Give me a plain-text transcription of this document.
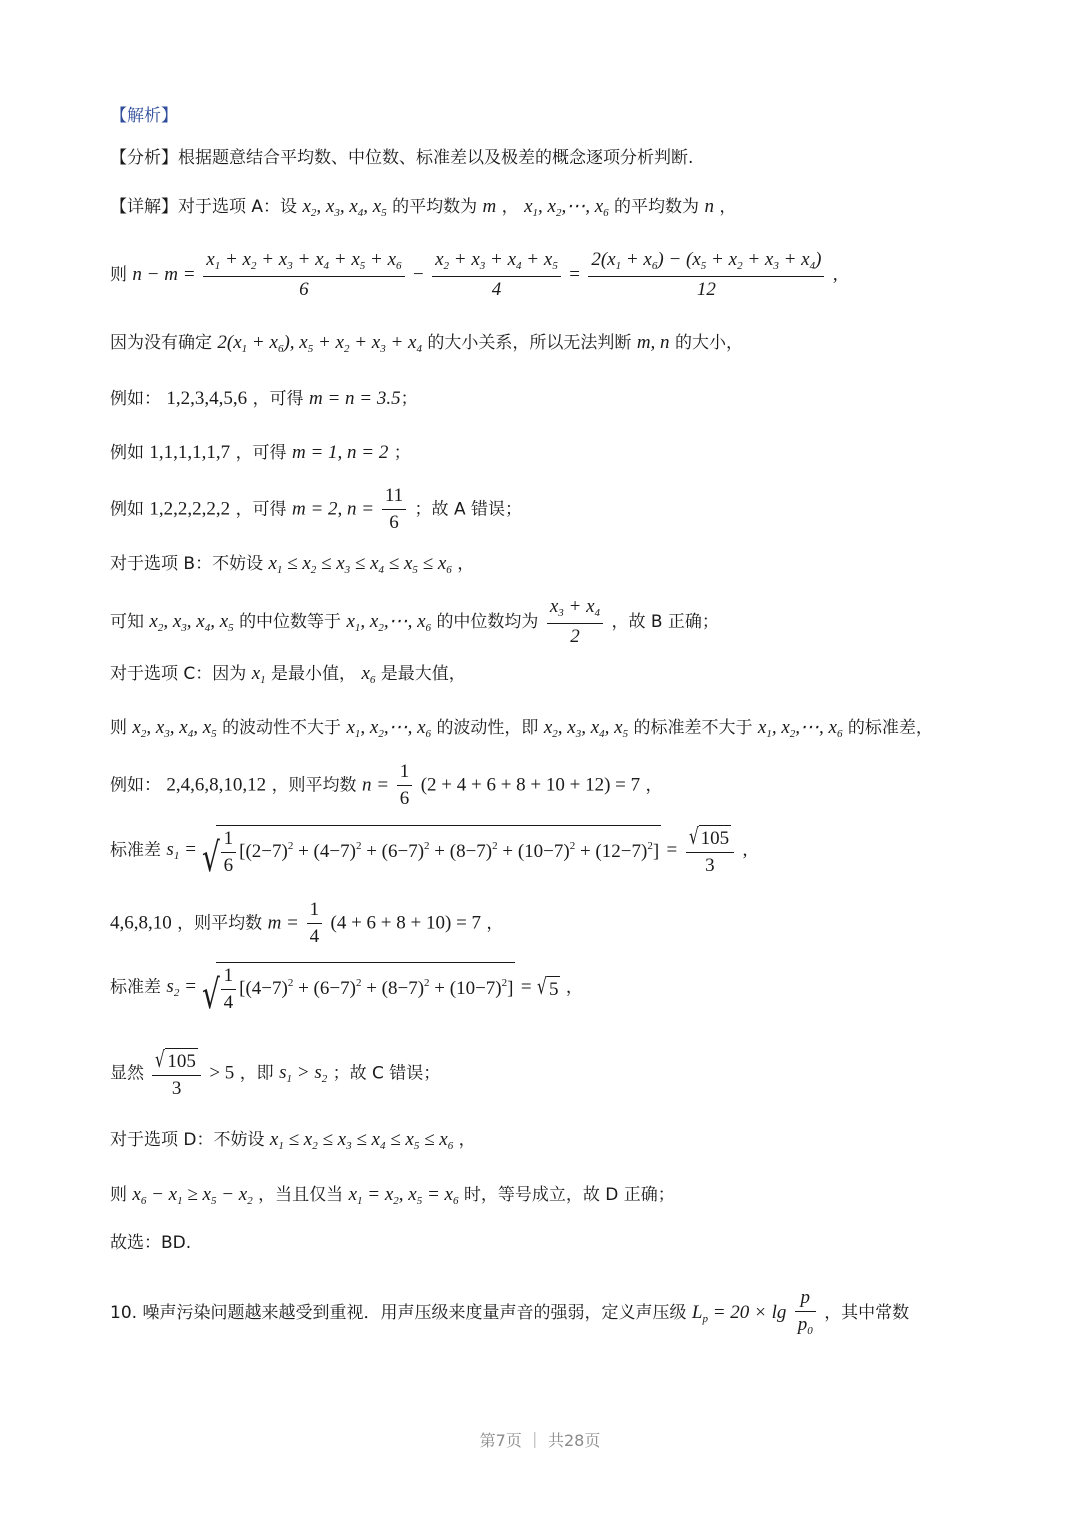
【解析】
【分析】根据题意结合平均数、中位数、标准差以及极差的概念逐项分析判断.
【详解】对于选项 A：设 $x_2$, $x_3$, $x_4$, $x_5$ 的平均数为 m ， $x_1$, $x_2,\cdots$, $x_6$ 的平均数为 n ，
则 $n - m = \frac{x_1 + x_2 + x_3 + x_4 + x_5 + x_6}{6} - \frac{x_2 + x_3 + x_4 + x_5}{4} = \frac{2(x_1 + x_6) - (x_5 + x_2 + x_3 + x_4)}{12}$ ,
因为没有确定 $2(x_1 + x_6)$, $x_5 + x_2 + x_3 + x_4$ 的大小关系，所以无法判断 m, n 的大小，
例如： 1,2,3,4,5,6 ，可得 m = n = 3.5；
例如 1,1,1,1,1,7 ，可得 m = 1, n = 2 ；
例如 1,2,2,2,2,2 ，可得 m = 2, $n = \frac{11}{6}$ ；故 A 错误；
对于选项 B：不妨设 $x_1 \le x_2 \le x_3 \le x_4 \le x_5 \le x_6$ ，
可知 $x_2$, $x_3$, $x_4$, $x_5$ 的中位数等于 $x_1$, $x_2,\cdots$, $x_6$ 的中位数均为 $\frac{x_3 + x_4}{2}$ ，故 B 正确；
对于选项 C：因为 $x_1$ 是最小值， $x_6$ 是最大值，
则 $x_2$, $x_3$, $x_4$, $x_5$ 的波动性不大于 $x_1$, $x_2,\cdots$, $x_6$ 的波动性，即 $x_2$, $x_3$, $x_4$, $x_5$ 的标准差不大于 $x_1$, $x_2,\cdots$, $x_6$ 的标准差，
例如： 2,4,6,8,10,12 ，则平均数 $n = \frac{1}{6} (2 + 4 + 6 + 8 + 10 + 12) = 7$ ，
标准差 $s_1$ = √ $\frac{1}{6} [(2-7)^2 + (4-7)^2 + (6-7)^2 + (8-7)^2 + (10-7)^2 + (12-7)^2] = \frac{√ 105}{3}$ ,
4,6,8,10 ，则平均数 $m = \frac{1}{4} (4 + 6 + 8 + 10) = 7$ ，
标准差 $s_2$ = √ $\frac{1}{4} [(4-7)^2 + (6-7)^2 + (8-7)^2 + (10-7)^2]$ = √ 5 ，
显然 $\frac{√ 105}{3} > 5$ ，即 $s_1 > s_2$ ；故 C 错误；
对于选项 D：不妨设 $x_1 \le x_2 \le x_3 \le x_4 \le x_5 \le x_6$ ，
则 $x_6 - x_1 \ge x_5 - x_2$ ，当且仅当 $x_1 = x_2$, $x_5 = x_6$ 时，等号成立，故 D 正确；
故选：BD.
10. 噪声污染问题越来越受到重视．用声压级来度量声音的强弱，定义声压级 $L_p = 20 \times \lg \frac{p}{p_0}$ ，其中常数
第7页 ｜ 共28页
